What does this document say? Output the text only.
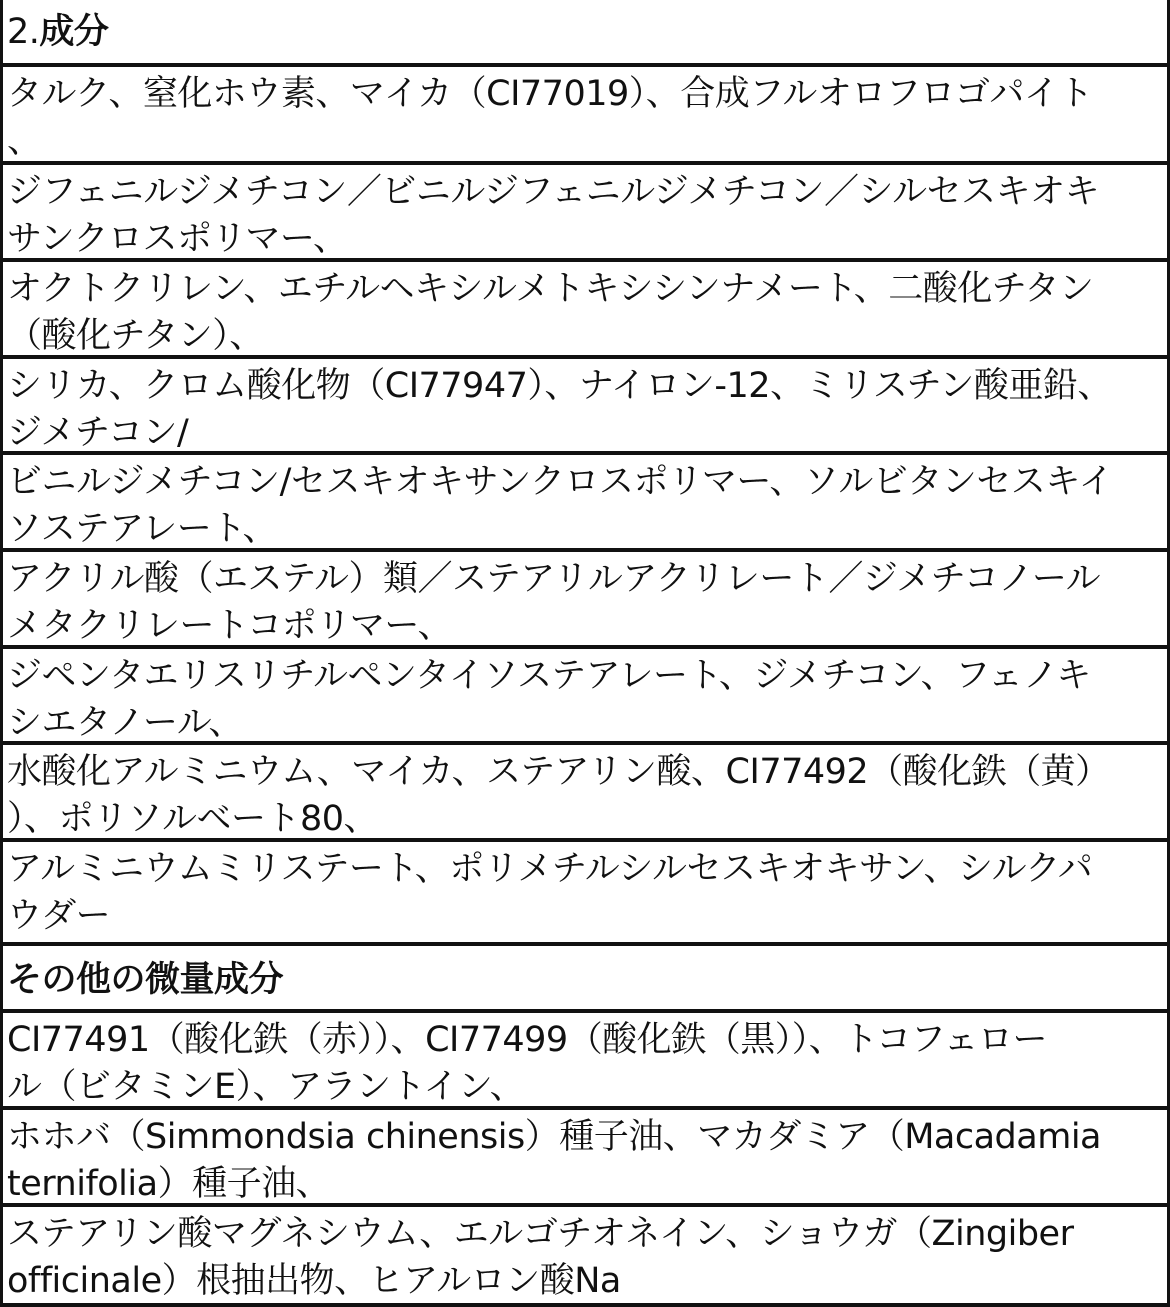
2.成分
タルク、窒化ホウ素、マイカ（CI77019）、合成フルオロフロゴパイト
、
ジフェニルジメチコン／ビニルジフェニルジメチコン／シルセスキオキ
サンクロスポリマー、
オクトクリレン、エチルヘキシルメトキシシンナメート、二酸化チタン
（酸化チタン）、
シリカ、クロム酸化物（CI77947）、ナイロン-12、ミリスチン酸亜鉛、
ジメチコン/
ビニルジメチコン/セスキオキサンクロスポリマー、ソルビタンセスキイ
ソステアレート、
アクリル酸（エステル）類／ステアリルアクリレート／ジメチコノール
メタクリレートコポリマー、
ジペンタエリスリチルペンタイソステアレート、ジメチコン、フェノキ
シエタノール、
水酸化アルミニウム、マイカ、ステアリン酸、CI77492（酸化鉄（黄）
）、ポリソルベート80、
アルミニウムミリステート、ポリメチルシルセスキオキサン、シルクパ
ウダー
その他の微量成分
CI77491（酸化鉄（赤））、CI77499（酸化鉄（黒））、トコフェロー
ル（ビタミンE）、アラントイン、
ホホバ（Simmondsia chinensis）種子油、マカダミア（Macadamia
ternifolia）種子油、
ステアリン酸マグネシウム、エルゴチオネイン、ショウガ（Zingiber
officinale）根抽出物、ヒアルロン酸Na
